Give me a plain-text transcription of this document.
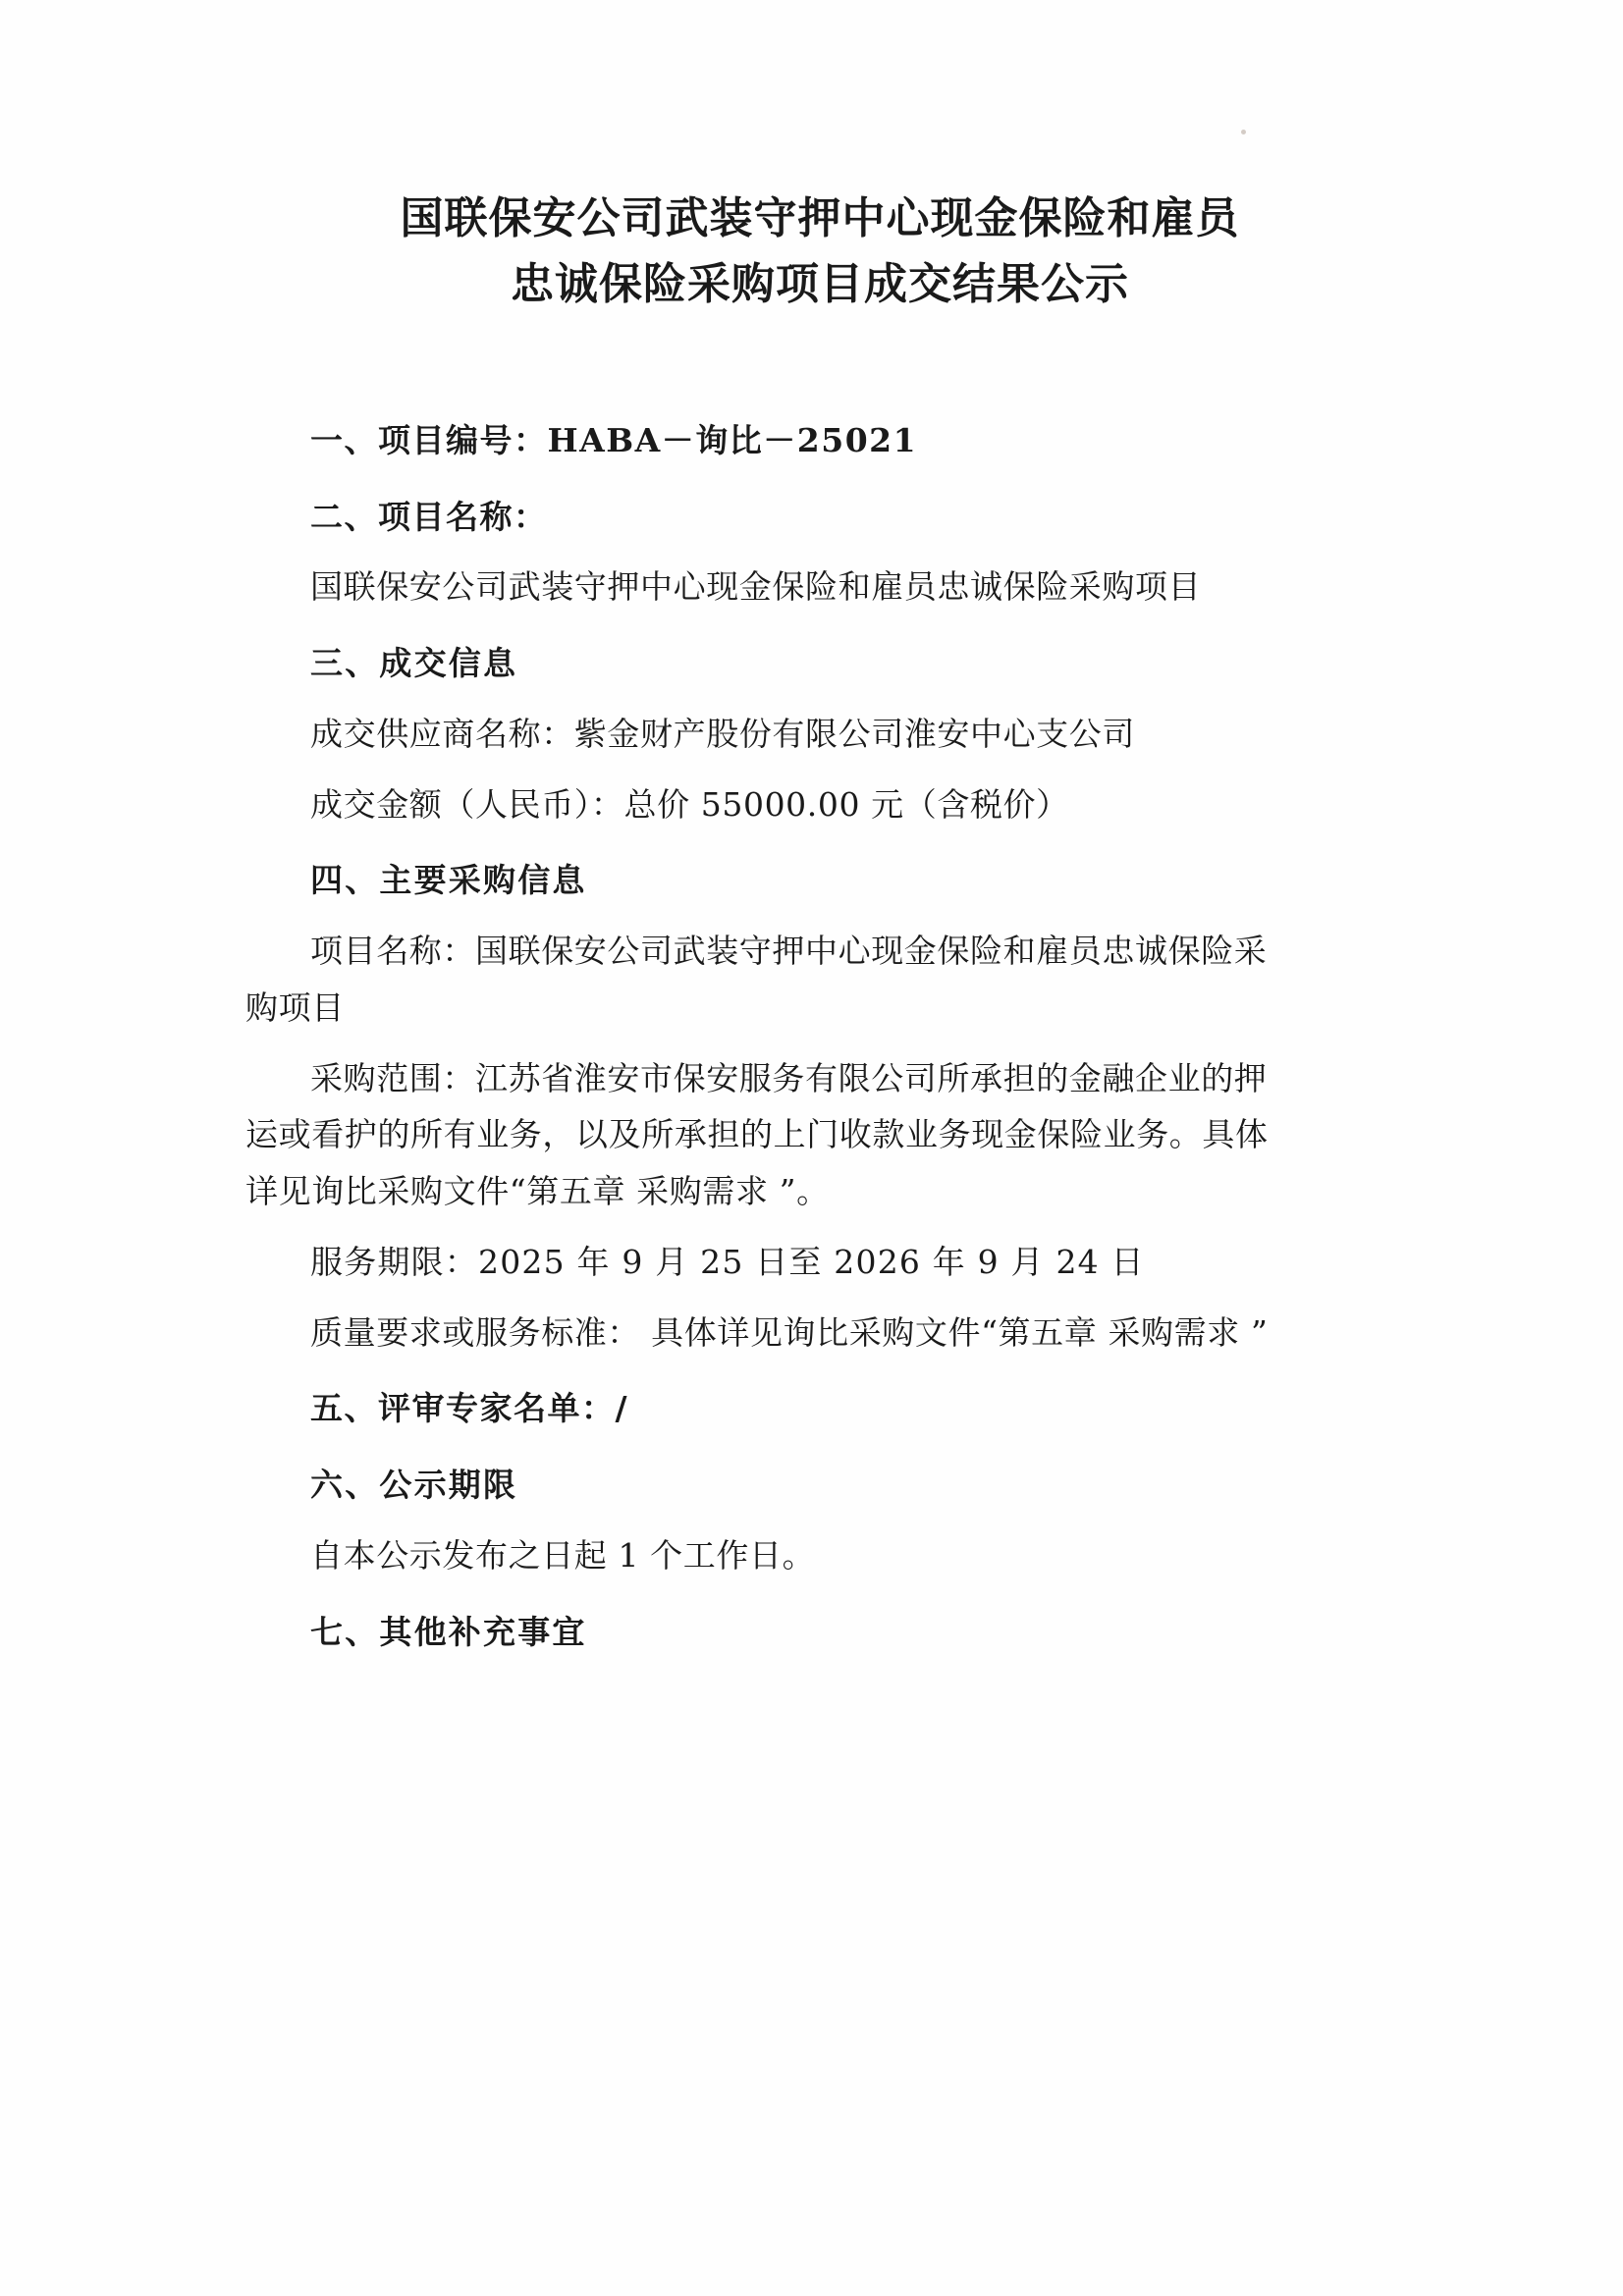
国联保安公司武装守押中心现金保险和雇员
忠诚保险采购项目成交结果公示

一、项目编号：HABA－询比－25021

二、项目名称：

国联保安公司武装守押中心现金保险和雇员忠诚保险采购项目

三、成交信息

成交供应商名称：紫金财产股份有限公司淮安中心支公司

成交金额（人民币）：总价 55000.00 元（含税价）

四、主要采购信息

项目名称：国联保安公司武装守押中心现金保险和雇员忠诚保险采

购项目

采购范围：江苏省淮安市保安服务有限公司所承担的金融企业的押

运或看护的所有业务，以及所承担的上门收款业务现金保险业务。具体

详见询比采购文件“第五章 采购需求 ”。

服务期限：2025 年 9 月 25 日至 2026 年 9 月 24 日

质量要求或服务标准： 具体详见询比采购文件“第五章 采购需求 ”

五、评审专家名单：/

六、公示期限

自本公示发布之日起 1 个工作日。

七、其他补充事宜
